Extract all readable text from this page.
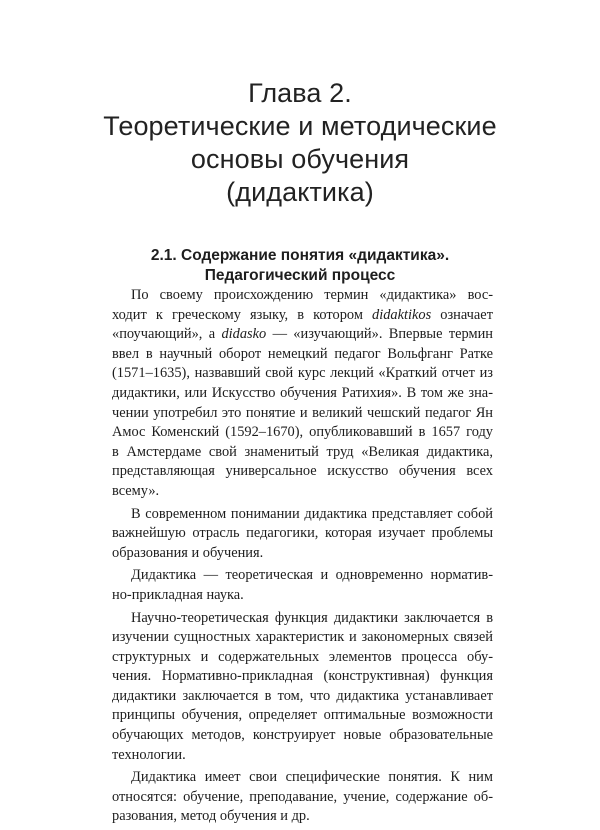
Глава 2.
Теоретические и методические
основы обучения
(дидактика)
2.1. Содержание понятия «дидактика».
Педагогический процесс
По своему происхождению термин «дидактика» вос-
ходит к греческому языку, в котором didaktikos означает
«поучающий», а didasko — «изучающий». Впервые термин
ввел в научный оборот немецкий педагог Вольфганг Ратке
(1571–1635), назвавший свой курс лекций «Краткий отчет из
дидактики, или Искусство обучения Ратихия». В том же зна-
чении употребил это понятие и великий чешский педагог Ян
Амос Коменский (1592–1670), опубликовавший в 1657 году
в Амстердаме свой знаменитый труд «Великая дидактика,
представляющая универсальное искусство обучения всех
всему».
В современном понимании дидактика представляет собой
важнейшую отрасль педагогики, которая изучает проблемы
образования и обучения.
Дидактика — теоретическая и одновременно норматив-
но-прикладная наука.
Научно-теоретическая функция дидактики заключается в
изучении сущностных характеристик и закономерных связей
структурных и содержательных элементов процесса обу-
чения. Нормативно-прикладная (конструктивная) функция
дидактики заключается в том, что дидактика устанавливает
принципы обучения, определяет оптимальные возможности
обучающих методов, конструирует новые образовательные
технологии.
Дидактика имеет свои специфические понятия. К ним
относятся: обучение, преподавание, учение, содержание об-
разования, метод обучения и др.
